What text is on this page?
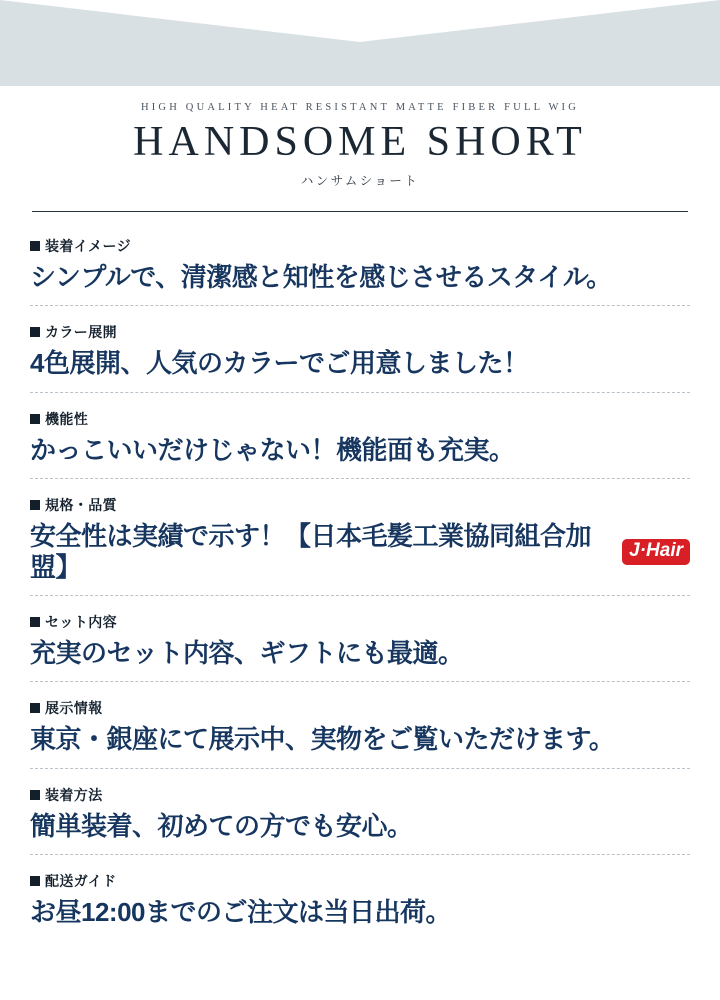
HIGH QUALITY HEAT RESISTANT MATTE FIBER FULL WIG

HANDSOME SHORT

ハンサムショート

装着イメージ
シンプルで、清潔感と知性を感じさせるスタイル。
カラー展開
4色展開、人気のカラーでご用意しました！
機能性
かっこいいだけじゃない！機能面も充実。
規格・品質
安全性は実績で示す！【日本毛髪工業協同組合加盟】
J·Hair
セット内容
充実のセット内容、ギフトにも最適。
展示情報
東京・銀座にて展示中、実物をご覧いただけます。
装着方法
簡単装着、初めての方でも安心。
配送ガイド
お昼12:00までのご注文は当日出荷。
